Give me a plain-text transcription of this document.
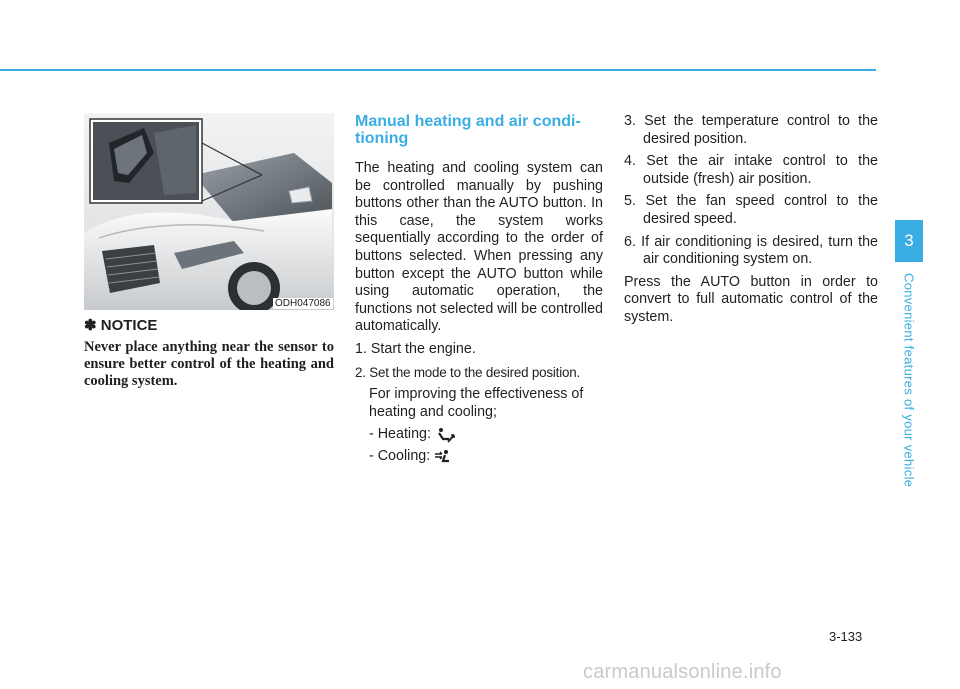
ODH047086
✽ NOTICE
Never place anything near the sensor to ensure better control of the heating and cooling system.
Manual heating and air condi-
tioning

The heating and cooling system can be controlled manually by pushing buttons other than the AUTO button. In this case, the system works sequentially according to the order of buttons selected. When pressing any button except the AUTO button while using automatic operation, the functions not selected will be controlled automatically.

1. Start the engine.

2. Set the mode to the desired position.

For improving the effectiveness of heating and cooling;

- Heating:
- Cooling:

3. Set the temperature control to the desired position.

4. Set the air intake control to the outside (fresh) air position.

5. Set the fan speed control to the desired speed.

6. If air conditioning is desired, turn the air conditioning system on.

Press the AUTO button in order to convert to full automatic control of the system.

3
Convenient features of your vehicle
3-133
carmanualsonline.info
